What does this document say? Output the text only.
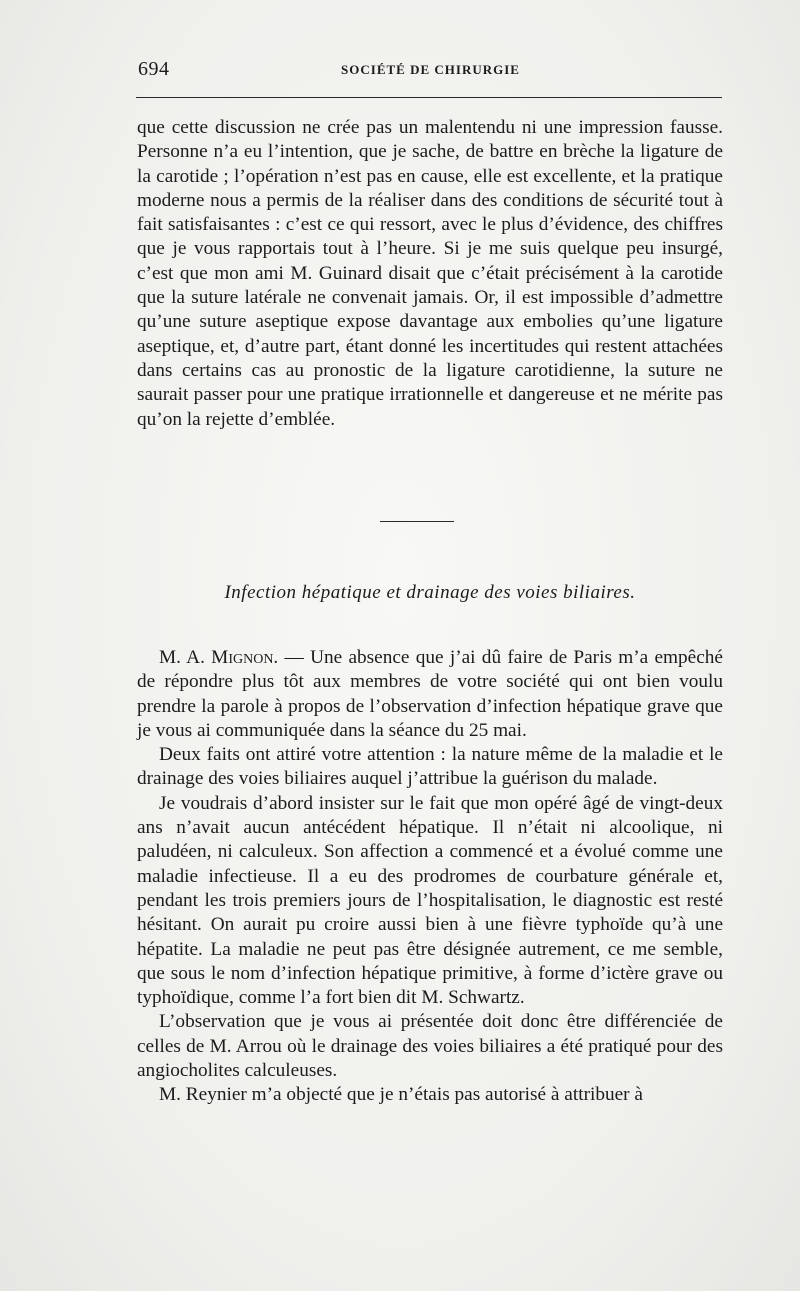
694	SOCIÉTÉ DE CHIRURGIE

que cette discussion ne crée pas un malentendu ni une impression fausse. Personne n’a eu l’intention, que je sache, de battre en brèche la ligature de la carotide ; l’opération n’est pas en cause, elle est excellente, et la pratique moderne nous a permis de la réaliser dans des conditions de sécurité tout à fait satisfaisantes : c’est ce qui ressort, avec le plus d’évidence, des chiffres que je vous rapportais tout à l’heure. Si je me suis quelque peu insurgé, c’est que mon ami M. Guinard disait que c’était précisément à la carotide que la suture latérale ne convenait jamais. Or, il est impossible d’admettre qu’une suture aseptique expose davantage aux embolies qu’une ligature aseptique, et, d’autre part, étant donné les incertitudes qui restent attachées dans certains cas au pronostic de la ligature carotidienne, la suture ne saurait passer pour une pratique irrationnelle et dangereuse et ne mérite pas qu’on la rejette d’emblée.

Infection hépatique et drainage des voies biliaires.

M. A. Mignon. — Une absence que j’ai dû faire de Paris m’a empêché de répondre plus tôt aux membres de votre société qui ont bien voulu prendre la parole à propos de l’observation d’infection hépatique grave que je vous ai communiquée dans la séance du 25 mai.

Deux faits ont attiré votre attention : la nature même de la maladie et le drainage des voies biliaires auquel j’attribue la guérison du malade.

Je voudrais d’abord insister sur le fait que mon opéré âgé de vingt-deux ans n’avait aucun antécédent hépatique. Il n’était ni alcoolique, ni paludéen, ni calculeux. Son affection a commencé et a évolué comme une maladie infectieuse. Il a eu des prodromes de courbature générale et, pendant les trois premiers jours de l’hospitalisation, le diagnostic est resté hésitant. On aurait pu croire aussi bien à une fièvre typhoïde qu’à une hépatite. La maladie ne peut pas être désignée autrement, ce me semble, que sous le nom d’infection hépatique primitive, à forme d’ictère grave ou typhoïdique, comme l’a fort bien dit M. Schwartz.

L’observation que je vous ai présentée doit donc être différenciée de celles de M. Arrou où le drainage des voies biliaires a été pratiqué pour des angiocholites calculeuses.

M. Reynier m’a objecté que je n’étais pas autorisé à attribuer à
